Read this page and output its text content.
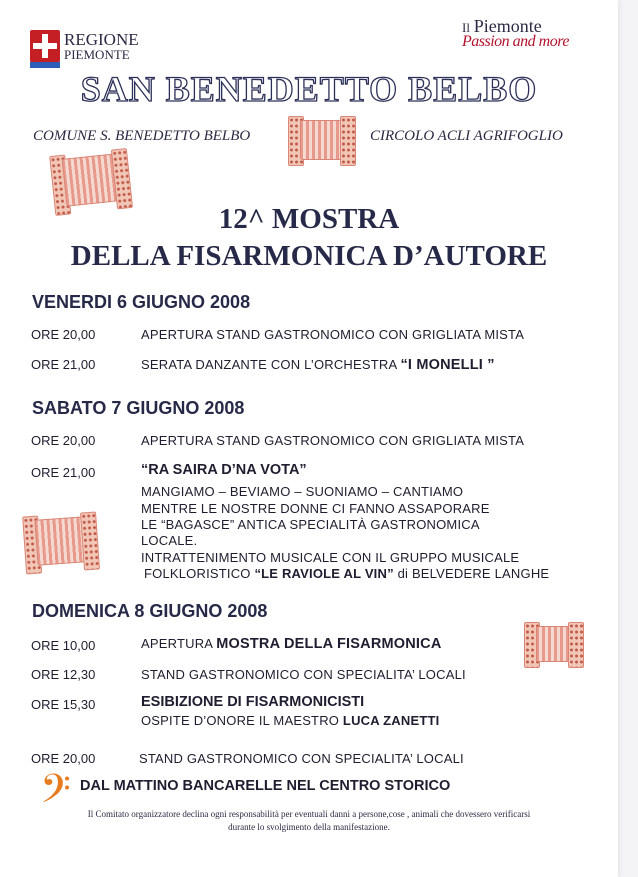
REGIONE
PIEMONTE
Il Piemonte
Passion and more
SAN BENEDETTO BELBO
COMUNE S. BENEDETTO BELBO	CIRCOLO ACLI AGRIFOGLIO
12^ MOSTRA
DELLA FISARMONICA D’AUTORE
VENERDI 6 GIUGNO 2008
ORE 20,00	APERTURA STAND GASTRONOMICO CON GRIGLIATA MISTA
ORE 21,00	SERATA DANZANTE CON L’ORCHESTRA “I MONELLI ”
SABATO 7 GIUGNO 2008
ORE 20,00	APERTURA STAND GASTRONOMICO CON GRIGLIATA MISTA
ORE 21,00	“RA SAIRA D’NA VOTA”
MANGIAMO – BEVIAMO – SUONIAMO – CANTIAMO
MENTRE LE NOSTRE DONNE CI FANNO ASSAPORARE
LE “BAGASCE” ANTICA SPECIALITÀ GASTRONOMICA
LOCALE.
INTRATTENIMENTO MUSICALE CON IL GRUPPO MUSICALE
FOLKLORISTICO “LE RAVIOLE AL VIN” di BELVEDERE LANGHE
DOMENICA 8 GIUGNO 2008
ORE 10,00	APERTURA MOSTRA DELLA FISARMONICA
ORE 12,30	STAND GASTRONOMICO CON SPECIALITA’ LOCALI
ORE 15,30	ESIBIZIONE DI FISARMONICISTI
OSPITE D’ONORE IL MAESTRO LUCA ZANETTI
ORE 20,00	STAND GASTRONOMICO CON SPECIALITA’ LOCALI
𝄢 DAL MATTINO BANCARELLE NEL CENTRO STORICO
Il Comitato organizzatore declina ogni responsabilità per eventuali danni a persone,cose , animali che dovessero verificarsi
durante lo svolgimento della manifestazione.
